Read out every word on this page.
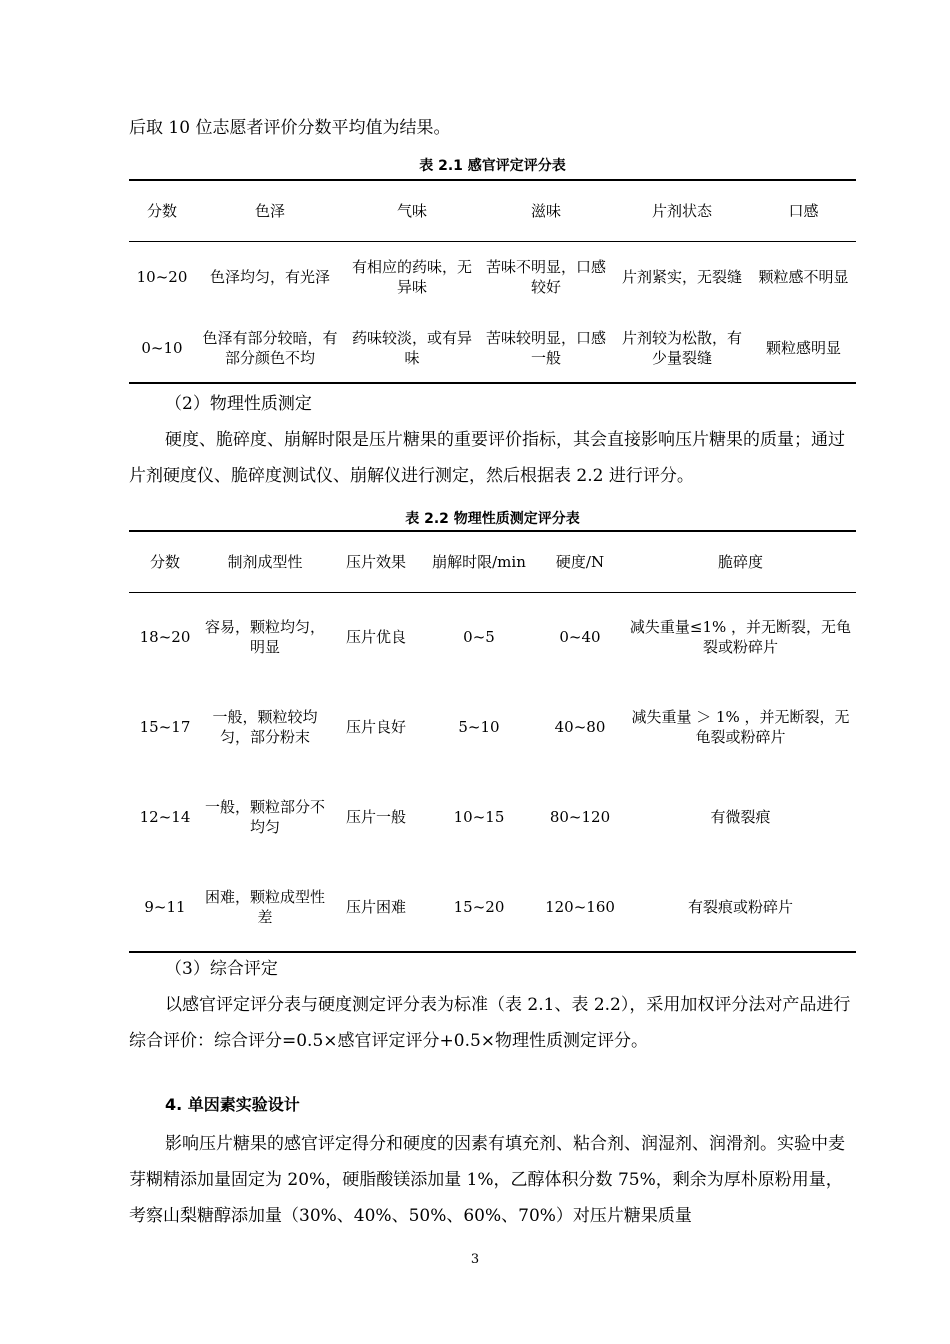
后取 10 位志愿者评价分数平均值为结果。

表 2.1 感官评定评分表
分数	色泽	气味	滋味	片剂状态	口感
10~20	色泽均匀，有光泽	有相应的药味，无异味	苦味不明显，口感较好	片剂紧实，无裂缝	颗粒感不明显
0~10	色泽有部分较暗，有部分颜色不均	药味较淡，或有异味	苦味较明显，口感一般	片剂较为松散，有少量裂缝	颗粒感明显

（2）物理性质测定

硬度、脆碎度、崩解时限是压片糖果的重要评价指标，其会直接影响压片糖果的质量；通过片剂硬度仪、脆碎度测试仪、崩解仪进行测定，然后根据表 2.2 进行评分。

表 2.2 物理性质测定评分表
分数	制剂成型性	压片效果	崩解时限/min	硬度/N	脆碎度
18~20	容易，颗粒均匀，明显	压片优良	0~5	0~40	减失重量≤1% ，并无断裂，无龟裂或粉碎片
15~17	一般，颗粒较均匀，部分粉末	压片良好	5~10	40~80	减失重量 ＞ 1% ，并无断裂，无龟裂或粉碎片
12~14	一般，颗粒部分不均匀	压片一般	10~15	80~120	有微裂痕
9~11	困难，颗粒成型性差	压片困难	15~20	120~160	有裂痕或粉碎片

（3）综合评定

以感官评定评分表与硬度测定评分表为标准（表 2.1、表 2.2），采用加权评分法对产品进行综合评价：综合评分=0.5×感官评定评分+0.5×物理性质测定评分。

4. 单因素实验设计

影响压片糖果的感官评定得分和硬度的因素有填充剂、粘合剂、润湿剂、润滑剂。实验中麦芽糊精添加量固定为 20%，硬脂酸镁添加量 1%，乙醇体积分数 75%，剩余为厚朴原粉用量，考察山梨糖醇添加量（30%、40%、50%、60%、70%）对压片糖果质量

3
